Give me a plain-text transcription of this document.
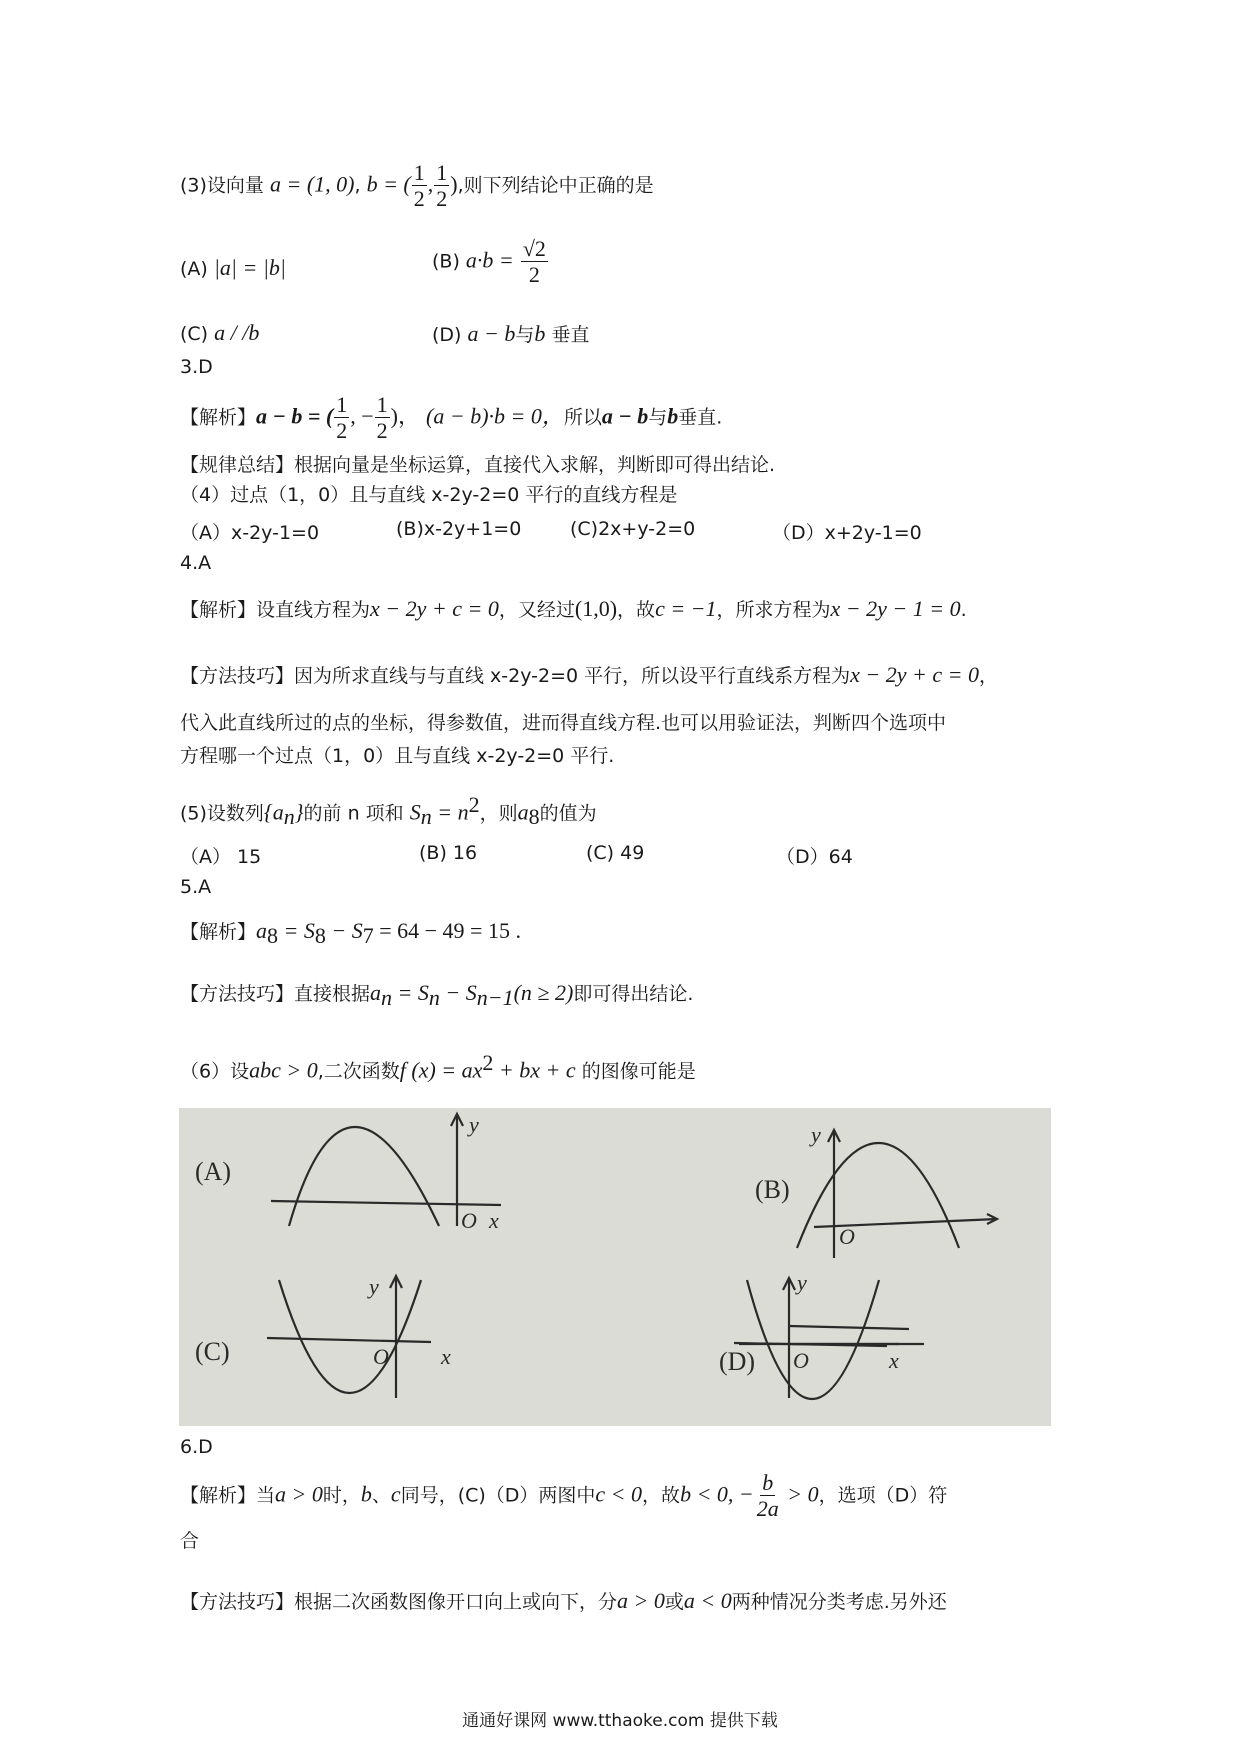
(3)设向量 a = (1, 0), b = ( $\frac{1}{2}$ , $\frac{1}{2}$ ),则下列结论中正确的是
(A) |a| = |b|	(B) $a\cdot b = \frac{√2}{2}$
(C) a / /b	(D) a − b与b 垂直
3.D
【解析】a − b = ( $\frac{1}{2}$ , − $\frac{1}{2}$ )， (a − b)·b = 0，所以a − b与b垂直.
【规律总结】根据向量是坐标运算，直接代入求解，判断即可得出结论.
（4）过点（1，0）且与直线 x-2y-2=0 平行的直线方程是
（A）x-2y-1=0	(B)x-2y+1=0	(C)2x+y-2=0	（D）x+2y-1=0
4.A
【解析】设直线方程为x − 2y + c = 0，又经过(1,0)，故c = −1，所求方程为x − 2y − 1 = 0.
【方法技巧】因为所求直线与与直线 x-2y-2=0 平行，所以设平行直线系方程为x − 2y + c = 0，
代入此直线所过的点的坐标，得参数值，进而得直线方程.也可以用验证法，判断四个选项中
方程哪一个过点（1，0）且与直线 x-2y-2=0 平行.
(5)设数列$\{a_n\}$的前 n 项和 $S_n = n^2$，则$a_8$的值为
（A） 15	(B) 16	(C) 49	（D）64
5.A
【解析】$a_8 = S_8 - S_7 = 64 - 49 = 15$ .
【方法技巧】直接根据$a_n = S_n - S_{n-1}(n \ge 2)$即可得出结论.
（6）设abc > 0,二次函数f $(x) = ax^2$ + bx + c 的图像可能是
(A)
y
O x
(B)
y
O
(C)
y
O x	(D)
y
O	x
6.D
【解析】当a > 0时，b、c同号，(C)（D）两图中c < 0，故b < 0, − $\frac{b}{2a} > 0$，选项（D）符
合
【方法技巧】根据二次函数图像开口向上或向下，分a > 0或a < 0两种情况分类考虑.另外还
通通好课网 www.tthaoke.com 提供下载
